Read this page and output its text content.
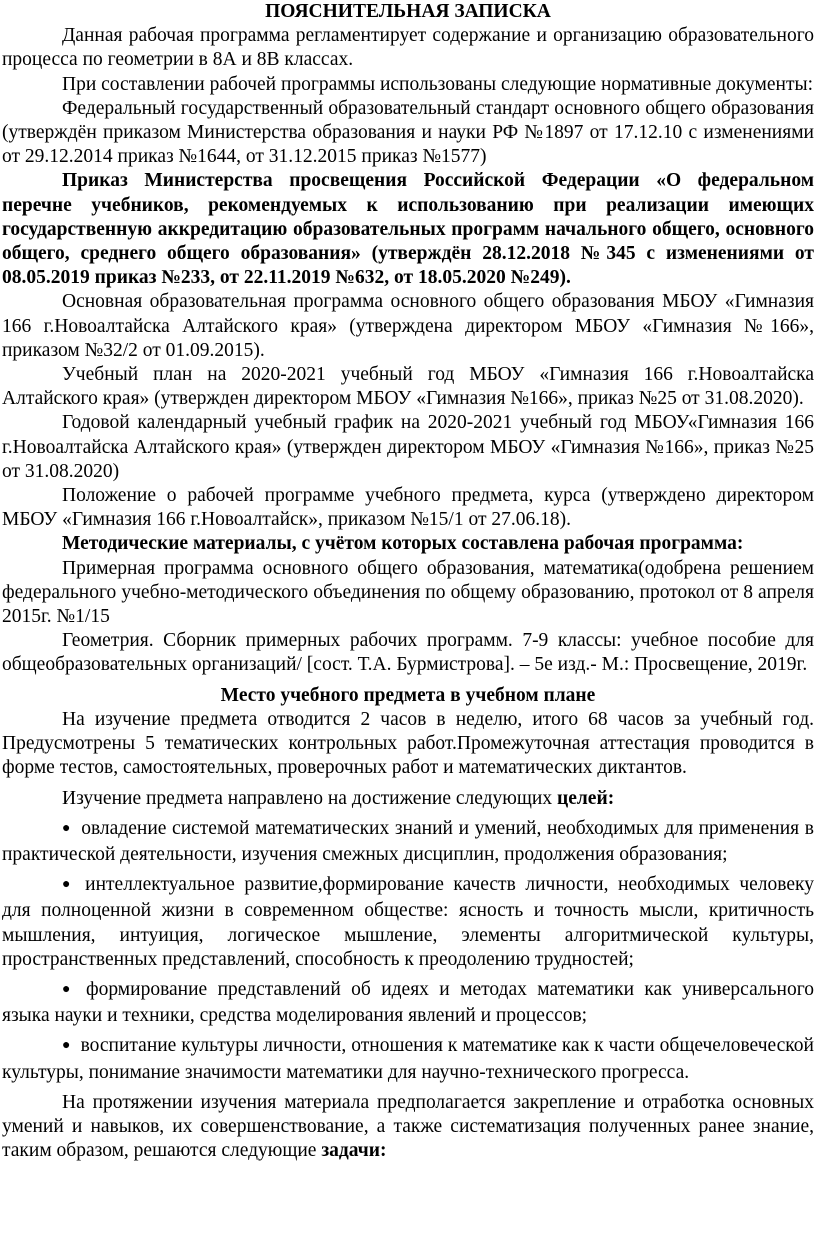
ПОЯСНИТЕЛЬНАЯ ЗАПИСКА

Данная рабочая программа регламентирует содержание и организацию образовательного процесса по геометрии в 8А и 8В классах.

При составлении рабочей программы использованы следующие нормативные документы:

Федеральный государственный образовательный стандарт основного общего образования (утверждён приказом Министерства образования и науки РФ №1897 от 17.12.10 с изменениями от 29.12.2014 приказ №1644, от 31.12.2015 приказ №1577)

Приказ Министерства просвещения Российской Федерации «О федеральном перечне учебников, рекомендуемых к использованию при реализации имеющих государственную аккредитацию образовательных программ начального общего, основного общего, среднего общего образования» (утверждён 28.12.2018 №345 с изменениями от 08.05.2019 приказ №233, от 22.11.2019 №632, от 18.05.2020 №249).

Основная образовательная программа основного общего образования МБОУ «Гимназия 166 г.Новоалтайска Алтайского края» (утверждена директором МБОУ «Гимназия №166», приказом №32/2 от 01.09.2015).

Учебный план на 2020-2021 учебный год МБОУ «Гимназия 166 г.Новоалтайска Алтайского края» (утвержден директором МБОУ «Гимназия №166», приказ №25 от 31.08.2020).

Годовой календарный учебный график на 2020-2021 учебный год МБОУ«Гимназия 166 г.Новоалтайска Алтайского края» (утвержден директором МБОУ «Гимназия №166», приказ №25 от 31.08.2020)

Положение о рабочей программе учебного предмета, курса (утверждено директором МБОУ «Гимназия 166 г.Новоалтайск», приказом №15/1 от 27.06.18).

Методические материалы, с учётом которых составлена рабочая программа:

Примерная программа основного общего образования, математика(одобрена решением федерального учебно-методического объединения по общему образованию, протокол от 8 апреля 2015г. №1/15

Геометрия. Сборник примерных рабочих программ. 7-9 классы: учебное пособие для общеобразовательных организаций/ [сост. Т.А. Бурмистрова]. – 5е изд.- М.: Просвещение, 2019г.

Место учебного предмета в учебном плане

На изучение предмета отводится 2 часов в неделю, итого 68 часов за учебный год. Предусмотрены 5 тематических контрольных работ.Промежуточная аттестация проводится в форме тестов, самостоятельных, проверочных работ и математических диктантов.

Изучение предмета направлено на достижение следующих целей:

● овладение системой математических знаний и умений, необходимых для применения в практической деятельности, изучения смежных дисциплин, продолжения образования;
● интеллектуальное развитие,формирование качеств личности, необходимых человеку для полноценной жизни в современном обществе: ясность и точность мысли, критичность мышления, интуиция, логическое мышление, элементы алгоритмической культуры, пространственных представлений, способность к преодолению трудностей;
● формирование представлений об идеях и методах математики как универсального языка науки и техники, средства моделирования явлений и процессов;
● воспитание культуры личности, отношения к математике как к части общечеловеческой культуры, понимание значимости математики для научно-технического прогресса.

На протяжении изучения материала предполагается закрепление и отработка основных умений и навыков, их совершенствование, а также систематизация полученных ранее знание, таким образом, решаются следующие задачи:
